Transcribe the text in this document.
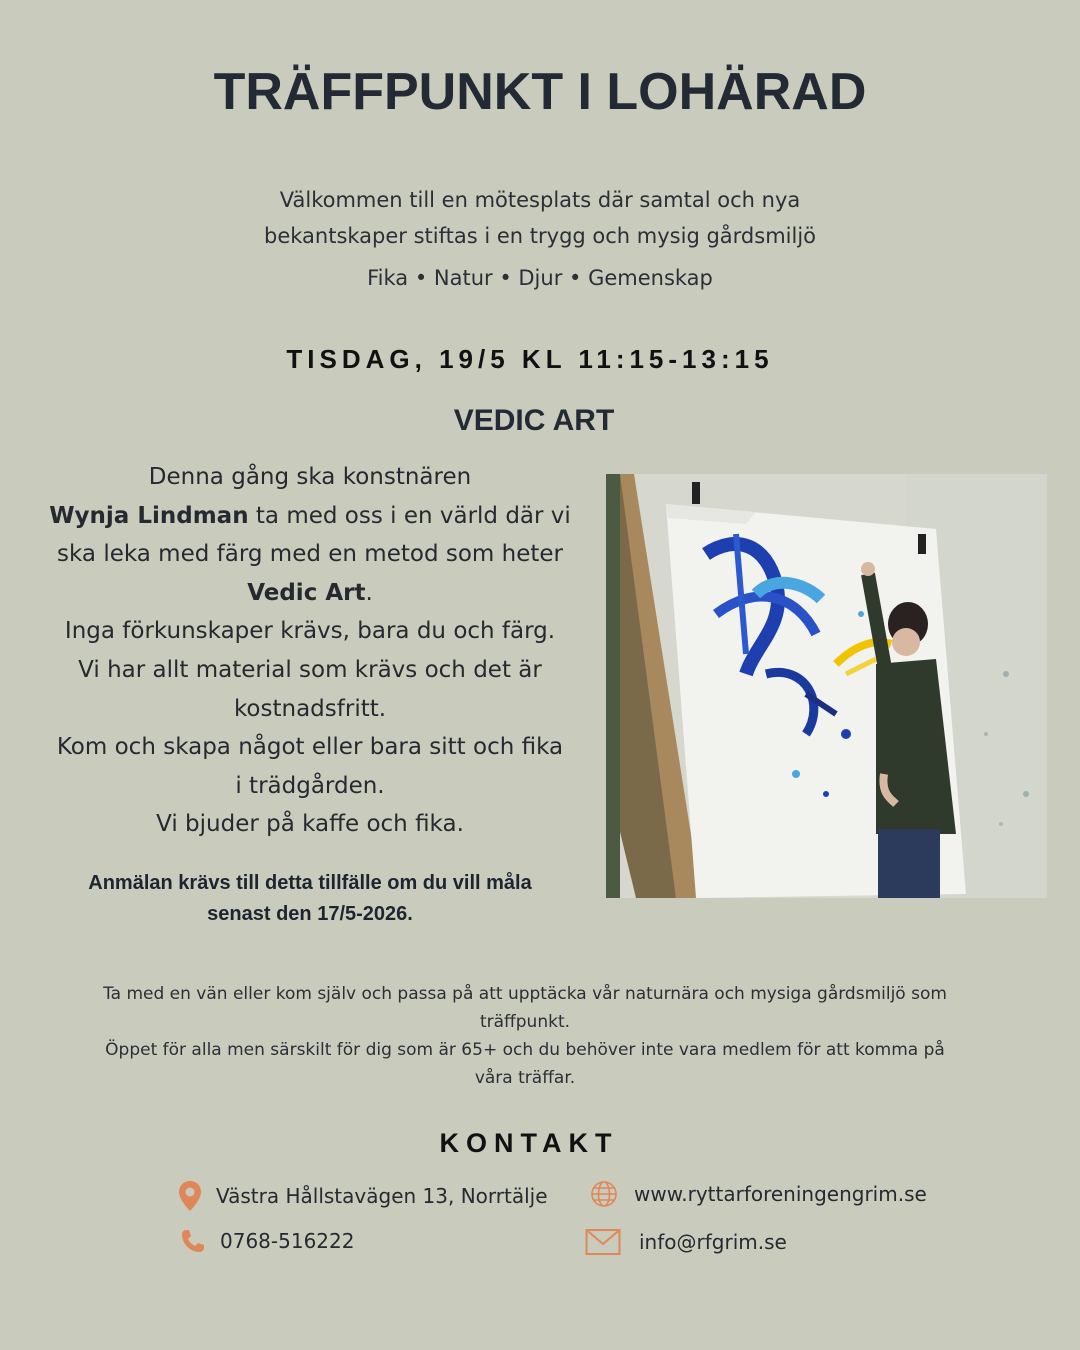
TRÄFFPUNKT I LOHÄRAD
Välkommen till en mötesplats där samtal och nya
bekantskaper stiftas i en trygg och mysig gårdsmiljö
Fika • Natur • Djur • Gemenskap
TISDAG, 19/5 KL 11:15-13:15
VEDIC ART
Denna gång ska konstnären
Wynja Lindman ta med oss i en värld där vi
ska leka med färg med en metod som heter
Vedic Art.
Inga förkunskaper krävs, bara du och färg.
Vi har allt material som krävs och det är
kostnadsfritt.
Kom och skapa något eller bara sitt och fika
i trädgården.
Vi bjuder på kaffe och fika.
Anmälan krävs till detta tillfälle om du vill måla
senast den 17/5-2026.
Ta med en vän eller kom själv och passa på att upptäcka vår naturnära och mysiga gårdsmiljö som
träffpunkt.
Öppet för alla men särskilt för dig som är 65+ och du behöver inte vara medlem för att komma på
våra träffar.
KONTAKT
Västra Hållstavägen 13, Norrtälje	www.ryttarforeningengrim.se
0768-516222	info@rfgrim.se
